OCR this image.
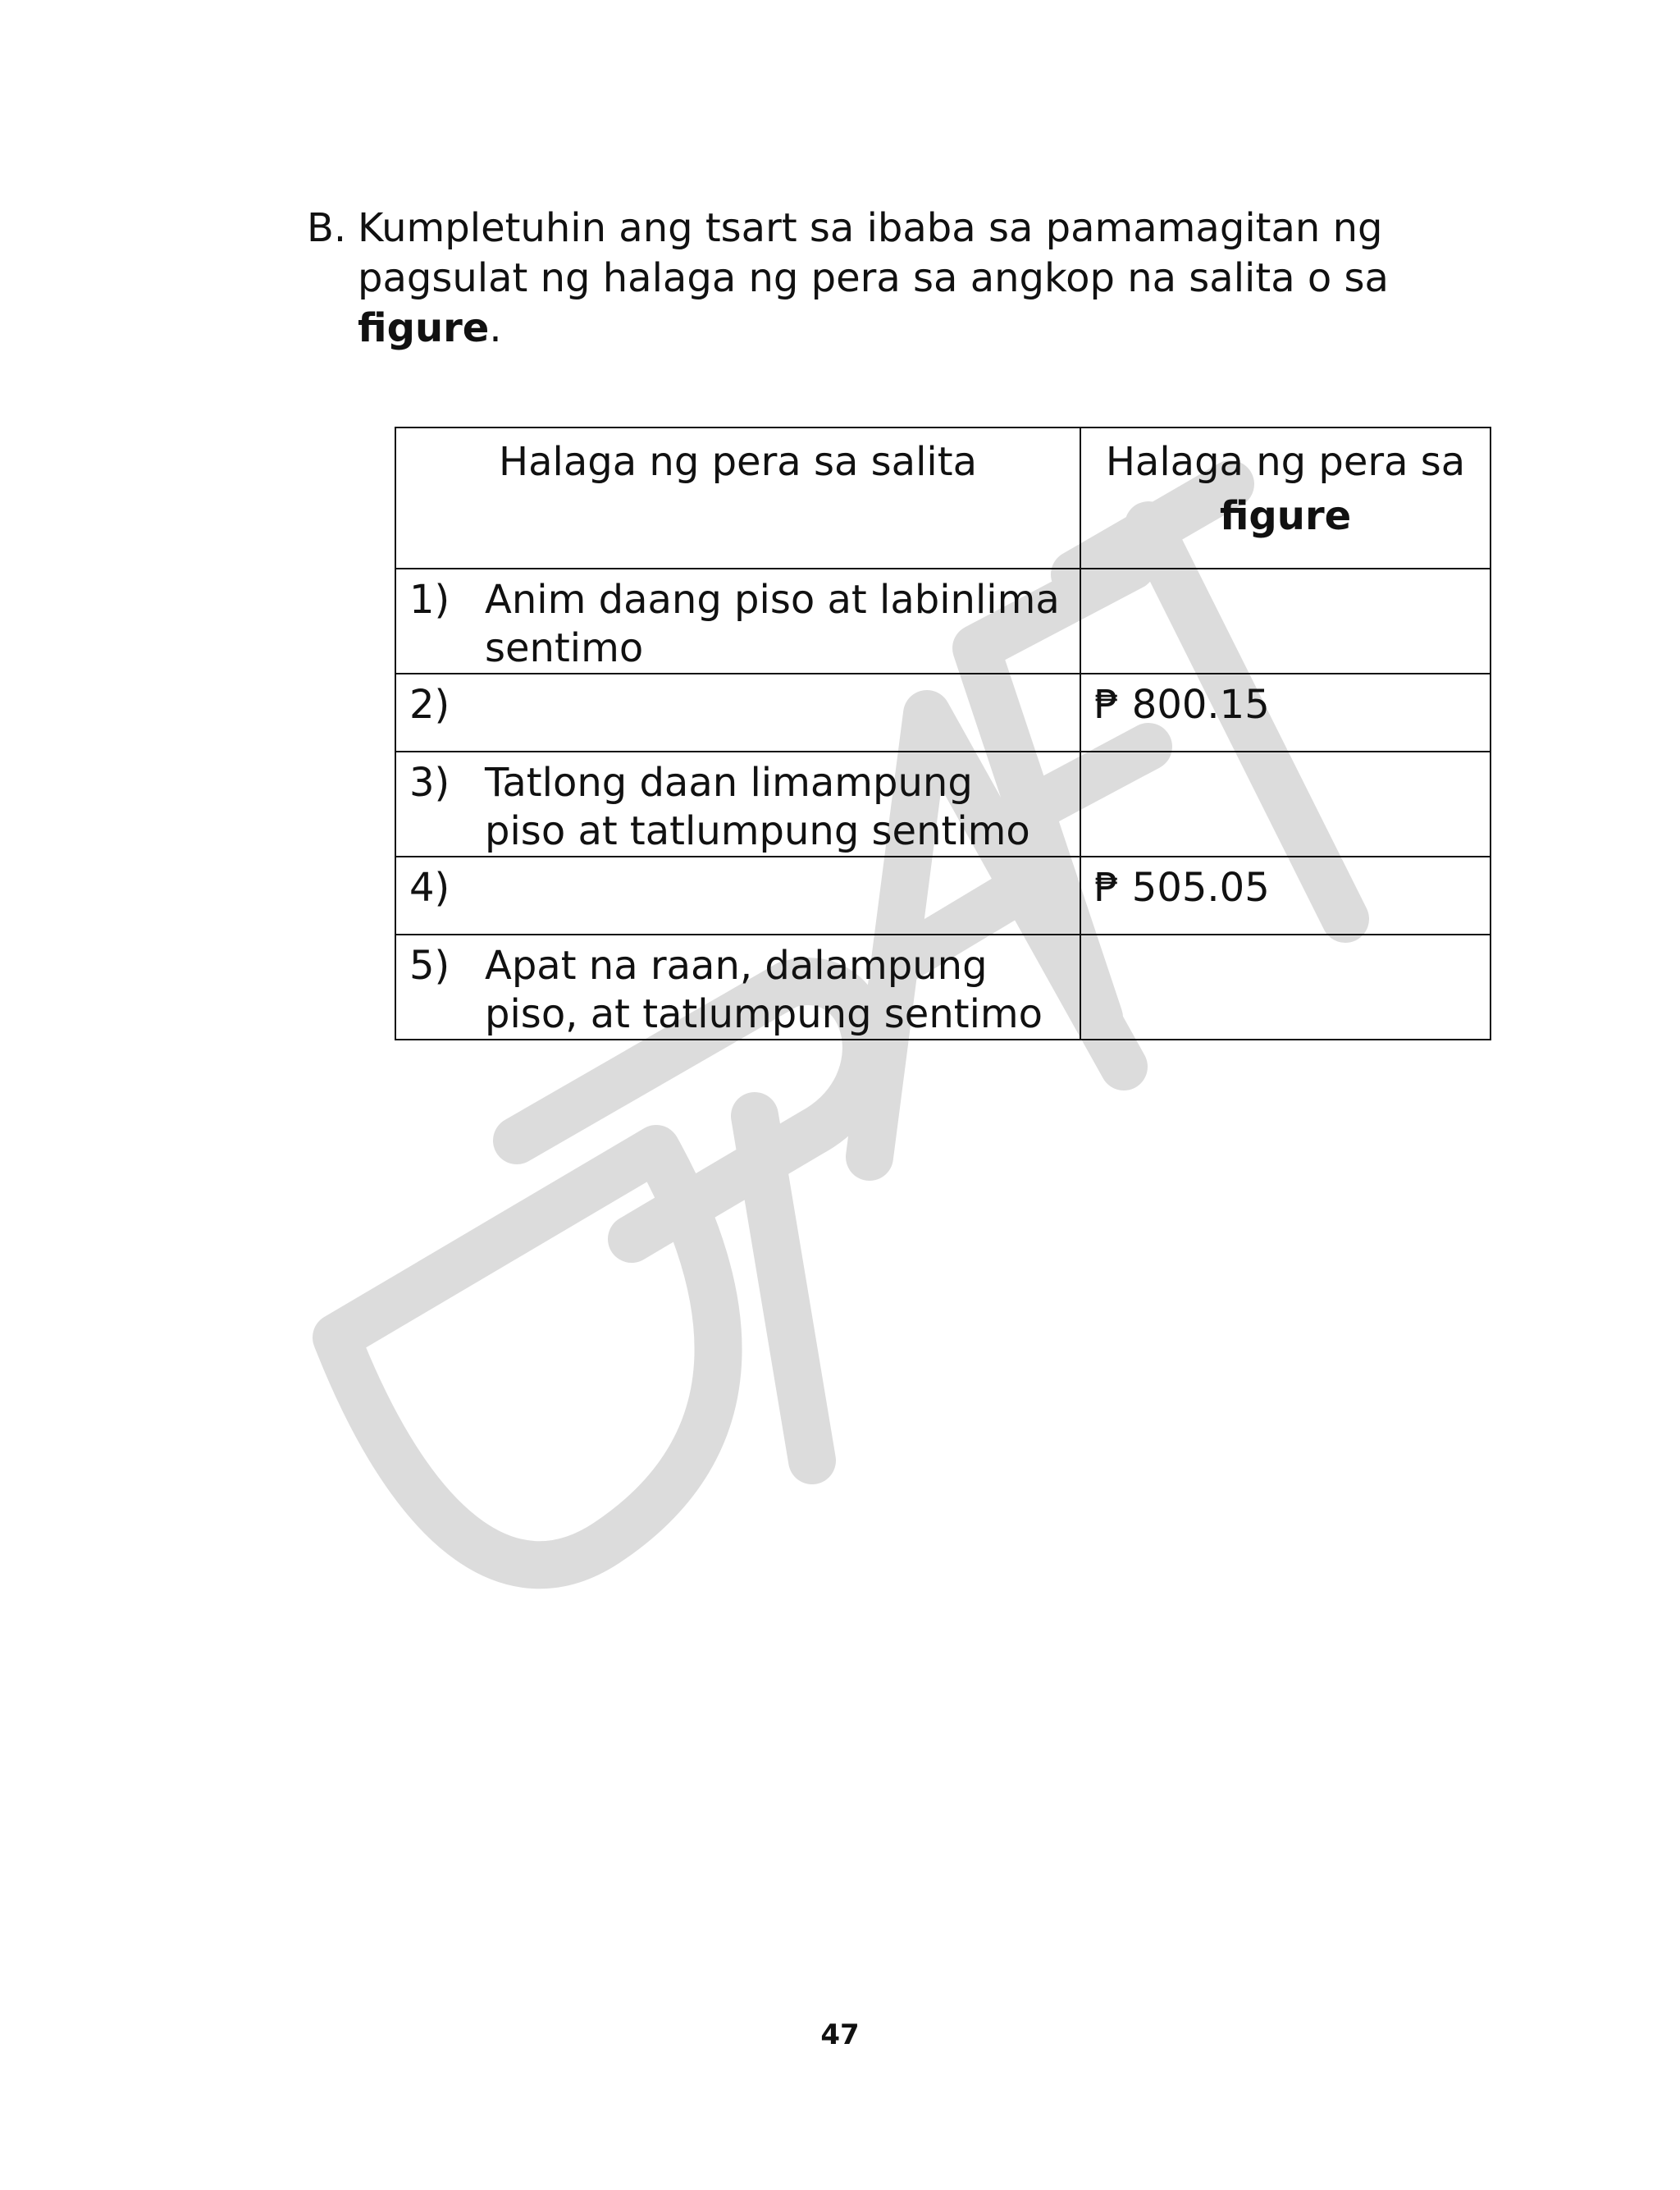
B. Kumpletuhin ang tsart sa ibaba sa pamamagitan ng pagsulat ng halaga ng pera sa angkop na salita o sa
figure.
Halaga ng pera sa salita	Halaga ng pera sa
figure

1) Anim daang piso at labinlima sentimo	

2)	₱ 800.15

3) Tatlong daan limampung piso at tatlumpung sentimo	

4)	₱ 505.05

5) Apat na raan, dalampung piso, at tatlumpung sentimo	

47
